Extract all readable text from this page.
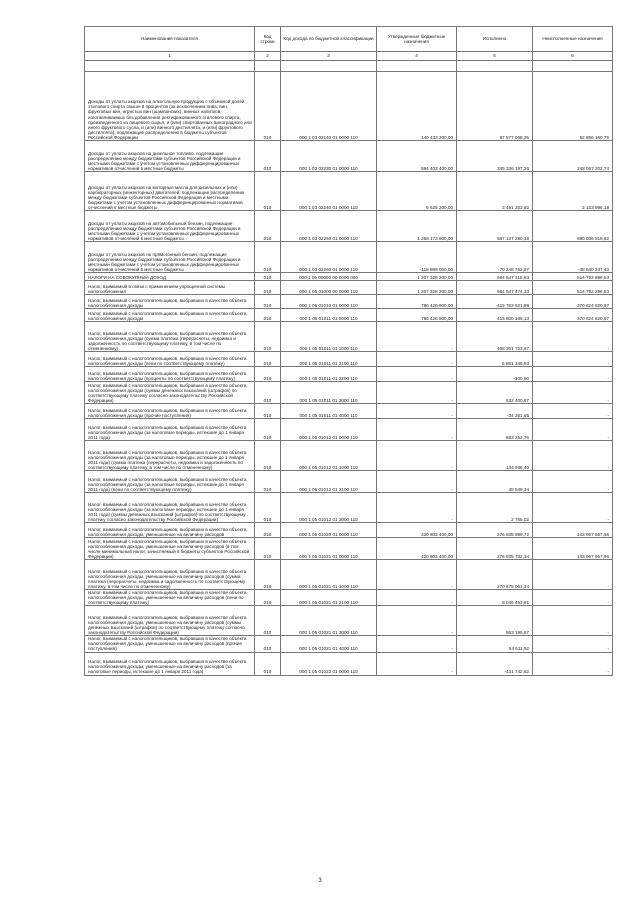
Наименование показателя	Код строки	Код дохода по бюджетной классификации	Утвержденные бюджетные назначения	Исполнено	Неисполненные назначения
1	2	3	4	5	6

Доходы от уплаты акцизов на алкогольную продукцию с объемной долей этилового спирта свыше 9 процентов (за исключением пива, вин, фруктовых вин, игристых вин (шампанских), винных напитков, изготавливаемых без добавления ректификованного этилового спирта, произведенного из пищевого сырья, и (или) спиртованных виноградного или иного фруктового сусла, и (или) винного дистиллята, и (или) фруктового дистиллята), подлежащие распределению в бюджеты субъектов Российской Федерации	010	000 1 03 02140 01 0000 110	140 433 200,00	87 577 068,25	52 856 160,75
Доходы от уплаты акцизов на дизельное топливо, подлежащие распределению между бюджетами субъектов Российской Федерации и местными бюджетами с учетом установленных дифференцированных нормативов отчислений в местные бюджеты	010	000 1 03 02230 01 0000 110	594 403 400,00	345 336 197,26	248 067 202,74
Доходы от уплаты акцизов на моторные масла для дизельных и (или) карбюраторных (инжекторных) двигателей, подлежащие распределению между бюджетами субъектов Российской Федерации и местными бюджетами с учетом установленных дифференцированных нормативов отчислений в местные бюджеты	010	000 1 03 02240 01 0000 110	5 625 200,00	3 491 203,82	2 133 996,18
Доходы от уплаты акцизов на автомобильный бензин, подлежащие распределению между бюджетами субъектов Российской Федерации и местными бюджетами с учетом установленных дифференцированных нормативов отчислений в местные бюджеты	010	000 1 03 02250 01 0000 110	1 258 173 800,00	567 137 280,18	690 036 519,82
Доходы от уплаты акцизов на прямогонный бензин, подлежащие распределению между бюджетами субъектов Российской Федерации и местными бюджетами с учетом установленных дифференцированных нормативов отчислений в местные бюджеты	010	000 1 03 02260 01 0000 110	-118 889 000,00	-70 248 762,57	-48 640 237,43
НАЛОГИ НА СОВОКУПНЫЙ ДОХОД	010	000 1 05 00000 00 0000 000	1 207 328 200,00	684 547 315,83	514 792 896,53
Налог, взимаемый в связи с применением упрощенной системы налогообложения	010	000 1 05 01000 00 0000 110	1 207 328 200,00	684 547 474,33	514 792 296,53
Налог, взимаемый с налогоплательщиков, выбравших в качестве объекта налогообложения доходы	010	000 1 05 01010 01 0000 110	786 426 800,00	415 763 621,89	370 624 820,87
Налог, взимаемый с налогоплательщиков, выбравших в качестве объекта налогообложения доходы	010	000 1 05 01011 01 0000 110	786 426 800,00	415 800 169,13	370 624 620,87
Налог, взимаемый с налогоплательщиков, выбравших в качестве объекта налогообложения доходы (сумма платежа (перерасчеты, недоимка и задолженность по соответствующему платежу, в том числе по отмененному)	010	000 1 05 01011 01 1000 110	-	408 301 723,67	-
Налог, взимаемый с налогоплательщиков, выбравших в качестве объекта налогообложения доходы (пени по соответствующему платежу)	010	000 1 05 01011 01 2100 110	-	6 861 345,93	-
Налог, взимаемый с налогоплательщиков, выбравших в качестве объекта налогообложения доходы (проценты по соответствующему платежу)	010	000 1 05 01011 01 2200 110	-	-100,50	-
Налог, взимаемый с налогоплательщиков, выбравших в качестве объекта налогообложения доходы (суммы денежных взысканий (штрафов) по соответствующему платежу согласно законодательству Российской Федерации)	010	000 1 05 01011 01 3000 110	-	532 400,87	-
Налог, взимаемый с налогоплательщиков, выбравших в качестве объекта налогообложения доходы (прочие поступления)	010	000 1 05 01011 01 4000 110	-	-34 261,65	-
Налог, взимаемый с налогоплательщиков, выбравших в качестве объекта налогообложения доходы (за налоговые периоды, истекшие до 1 января 2011 года)	010	000 1 05 01012 01 0000 110	-	863 252,76	-
Налог, взимаемый с налогоплательщиков, выбравших в качестве объекта налогообложения доходы (за налоговые периоды, истекшие до 1 января 2011 года) (сумма платежа (перерасчеты, недоимка и задолженность по соответствующему платежу, в том числе по отмененному)	010	000 1 05 01012 01 1000 110	-	134 938,40	-
Налог, взимаемый с налогоплательщиков, выбравших в качестве объекта налогообложения доходы (за налоговые периоды, истекшие до 1 января 2011 года) (пени по соответствующему платежу)	010	000 1 05 01012 01 2100 110	-	45 549,34	-
Налог, взимаемый с налогоплательщиков, выбравших в качестве объекта налогообложения доходы (за налоговые периоды, истекшие до 1 января 2011 года) (суммы денежных взысканий (штрафов) по соответствующему платежу согласно законодательству Российской Федерации)	010	000 1 05 01012 01 3000 110	-	2 765,02	-
Налог, взимаемый с налогоплательщиков, выбравших в качестве объекта налогообложения доходы, уменьшенные на величину расходов	010	000 1 05 01020 01 0000 110	420 803 400,00	276 935 999,72	143 967 667,66
Налог, взимаемый с налогоплательщиков, выбравших в качестве объекта налогообложения доходы, уменьшенные на величину расходов (в том числе минимальный налог, зачисляемый в бюджеты субъектов Российской Федерации)	010	000 1 05 01021 01 0000 110	420 803 400,00	276 935 732,34	143 967 667,66
Налог, взимаемый с налогоплательщиков, выбравших в качестве объекта налогообложения доходы, уменьшенные на величину расходов (сумма платежа (перерасчеты, недоимка и задолженность по соответствующему платежу, в том числе по отмененному)	010	000 1 05 01021 01 1000 110	-	270 675 061,34	-
Налог, взимаемый с налогоплательщиков, выбравших в качестве объекта налогообложения доходы, уменьшенные на величину расходов (пени по соответствующему платежу)	010	000 1 05 01021 01 2100 110	-	6 046 463,81	-
Налог, взимаемый с налогоплательщиков, выбравших в качестве объекта налогообложения доходы, уменьшенные на величину расходов (суммы денежных взысканий (штрафов) по соответствующему платежу согласно законодательству Российской Федерации)	010	000 1 05 01021 01 3000 110	-	863 195,67	-
Налог, взимаемый с налогоплательщиков, выбравших в качестве объекта налогообложения доходы, уменьшенные на величину расходов (прочие поступления)	010	000 1 05 01021 01 4000 110	-	54 511,52	-
Налог, взимаемый с налогоплательщиков, выбравших в качестве объекта налогообложения доходы, уменьшенные на величину расходов (за налоговые периоды, истекшие до 1 января 2011 года)	010	000 1 05 01022 01 0000 110	-	-431 742,62	-
3
